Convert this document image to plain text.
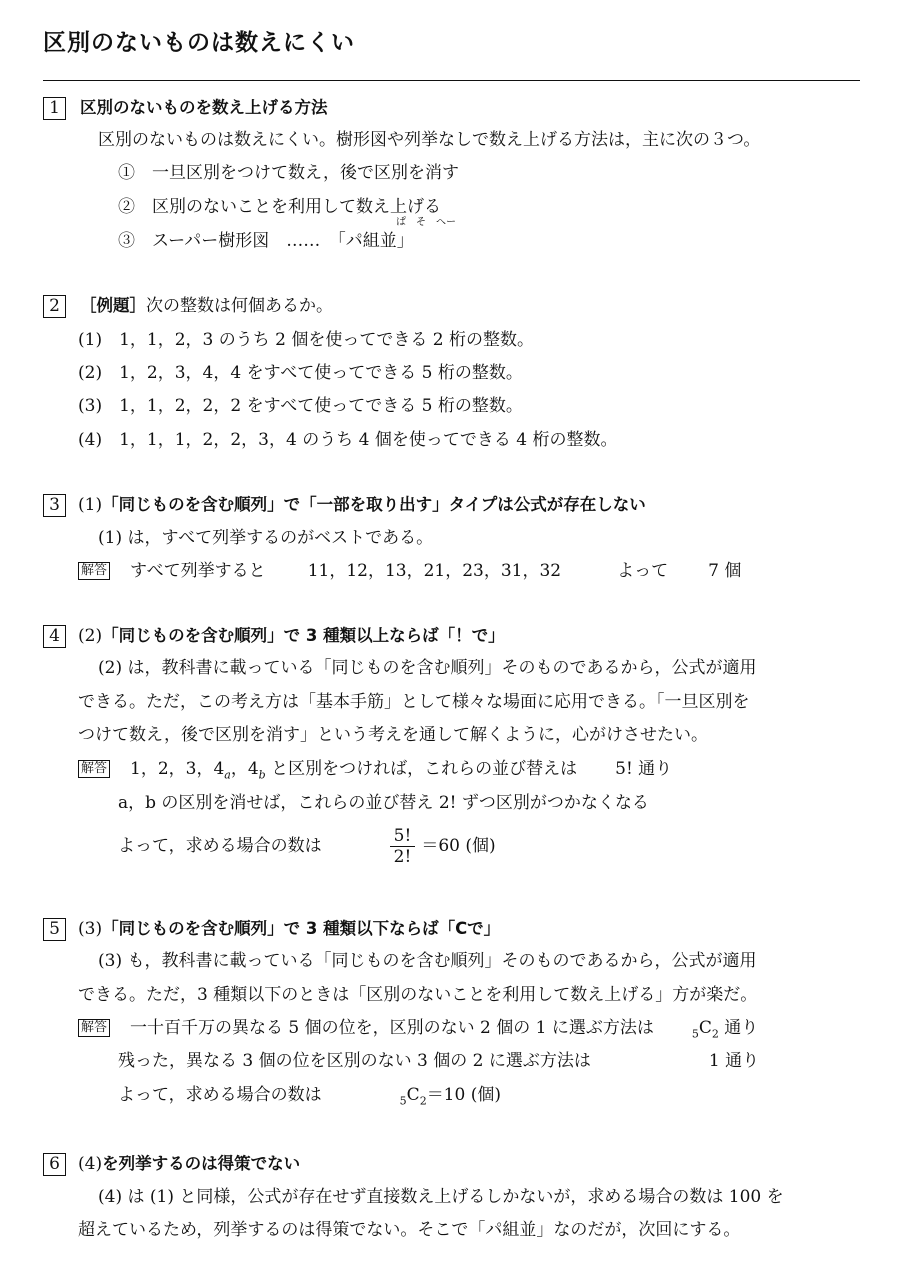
区別のないものは数えにくい
1	区別のないものを数え上げる方法
区別のないものは数えにくい。樹形図や列挙なしで数え上げる方法は，主に次の３つ。
①　一旦区別をつけて数え，後で区別を消す
②　区別のないことを利用して数え上げる
ぱ　そ　へー
③　スーパー樹形図　……　「パ組並」
2	［例題］次の整数は何個あるか。
(1)　1，1，2，3 のうち 2 個を使ってできる 2 桁の整数。
(2)　1，2，3，4，4 をすべて使ってできる 5 桁の整数。
(3)　1，1，2，2，2 をすべて使ってできる 5 桁の整数。
(4)　1，1，1，2，2，3，4 のうち 4 個を使ってできる 4 桁の整数。
3	(1)「同じものを含む順列」で「一部を取り出す」タイプは公式が存在しない
(1) は，すべて列挙するのがベストである。
解答 すべて列挙すると 11，12，13，21，23，31，32	よって 7 個
4	(2)「同じものを含む順列」で 3 種類以上ならば「！で」
(2) は，教科書に載っている「同じものを含む順列」そのものであるから，公式が適用
できる。ただ，この考え方は「基本手筋」として様々な場面に応用できる。「一旦区別を
つけて数え，後で区別を消す」という考えを通して解くように，心がけさせたい。
解答 1，2，3，$4_a$，$4_b$ と区別をつければ，これらの並び替えは 5! 通り
a，b の区別を消せば，これらの並び替え 2! ずつ区別がつかなくなる
よって，求める場合の数は	$\frac{5!}{2!} =60$ (個)
5	(3)「同じものを含む順列」で 3 種類以下ならば「Cで」
(3) も，教科書に載っている「同じものを含む順列」そのものであるから，公式が適用
できる。ただ，3 種類以下のときは「区別のないことを利用して数え上げる」方が楽だ。
解答 一十百千万の異なる 5 個の位を，区別のない 2 個の 1 に選ぶ方法は	$_5C_2$ 通り
残った，異なる 3 個の位を区別のない 3 個の 2 に選ぶ方法は	1 通り
よって，求める場合の数は	$_5C_2=10$ (個)
6	(4)を列挙するのは得策でない
(4) は (1) と同様，公式が存在せず直接数え上げるしかないが，求める場合の数は 100 を
超えているため，列挙するのは得策でない。そこで「パ組並」なのだが，次回にする。
